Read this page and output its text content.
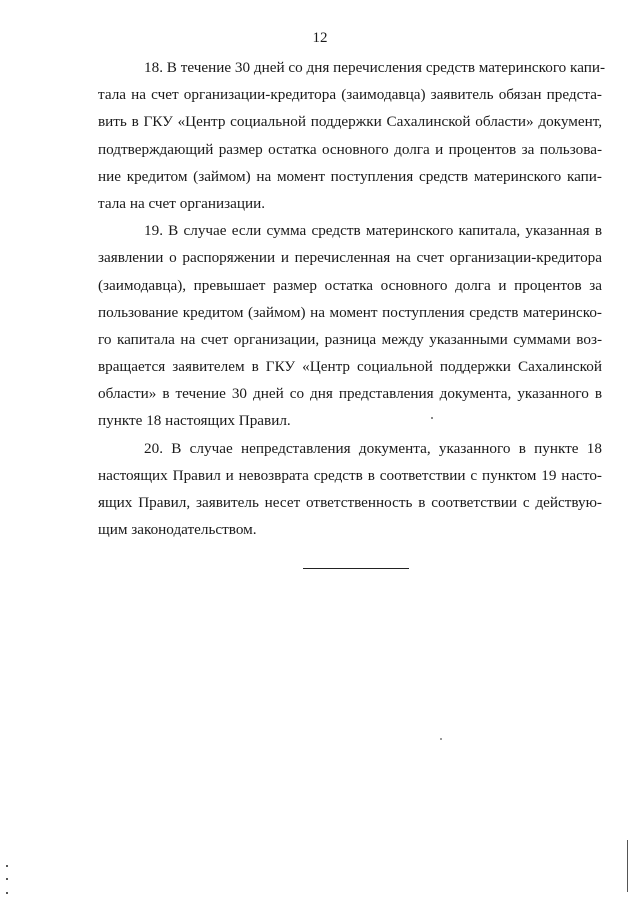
12
18. В течение 30 дней со дня перечисления средств материнского капи-
тала на счет организации-кредитора (заимодавца) заявитель обязан предста-
вить в ГКУ «Центр социальной поддержки Сахалинской области» документ,
подтверждающий размер остатка основного долга и процентов за пользова-
ние кредитом (займом) на момент поступления средств материнского капи-
тала на счет организации.
19. В случае если сумма средств материнского капитала, указанная в
заявлении о распоряжении и перечисленная на счет организации-кредитора
(заимодавца), превышает размер остатка основного долга и процентов за
пользование кредитом (займом) на момент поступления средств материнско-
го капитала на счет организации, разница между указанными суммами воз-
вращается заявителем в ГКУ «Центр социальной поддержки Сахалинской
области» в течение 30 дней со дня представления документа, указанного в
пункте 18 настоящих Правил.
20. В случае непредставления документа, указанного в пункте 18
настоящих Правил и невозврата средств в соответствии с пунктом 19 насто-
ящих Правил, заявитель несет ответственность в соответствии с действую-
щим законодательством.
